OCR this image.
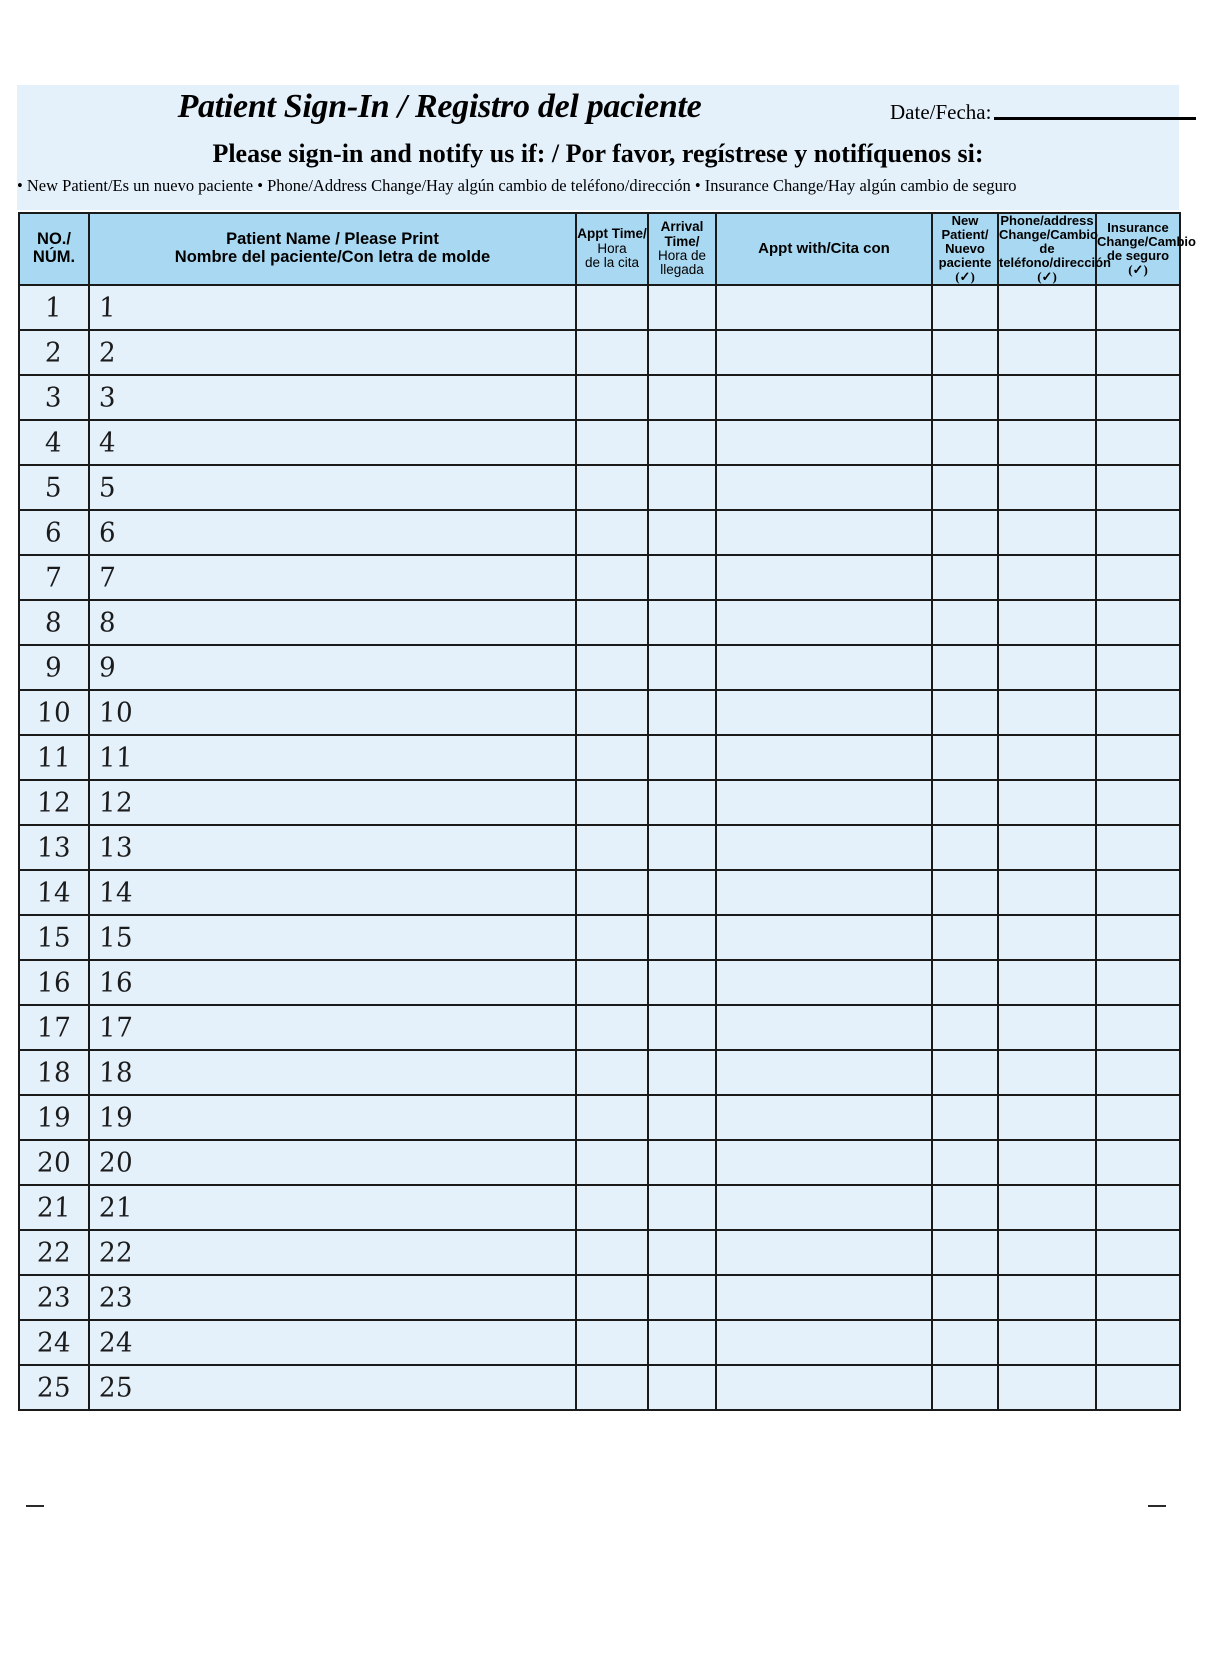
Patient Sign-In / Registro del paciente	Date/Fecha:
Please sign-in and notify us if: / Por favor, regístrese y notifíquenos si:
• New Patient/Es un nuevo paciente • Phone/Address Change/Hay algún cambio de teléfono/dirección • Insurance Change/Hay algún cambio de seguro
NO./
NÚM.	Patient Name / Please Print
Nombre del paciente/Con letra de molde	Appt Time/
Hora
de la cita	Arrival Time/
Hora de
llegada	Appt with/Cita con	New
Patient/
Nuevo
paciente
(✓)	Phone/address
Change/Cambio de
teléfono/dirección
(✓)	Insurance
Change/Cambio
de seguro
(✓)

1	1						
2	2						
3	3						
4	4						
5	5						
6	6						
7	7						
8	8						
9	9						
10	10						
11	11						
12	12						
13	13						
14	14						
15	15						
16	16						
17	17						
18	18						
19	19						
20	20						
21	21						
22	22						
23	23						
24	24						
25	25						
